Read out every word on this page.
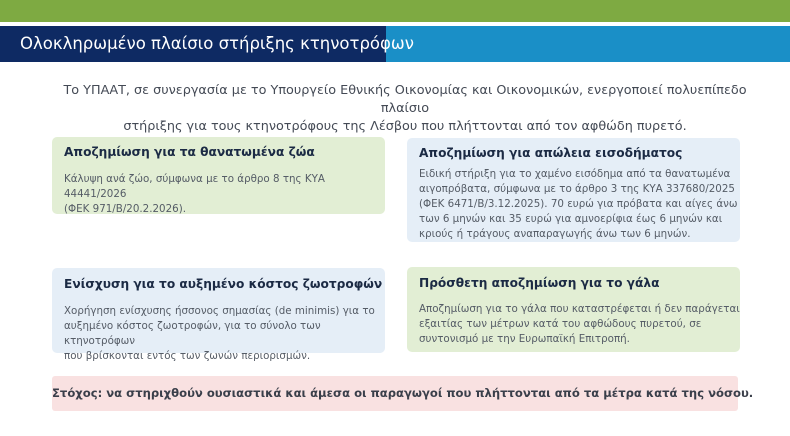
Ολοκληρωμένο πλαίσιο στήριξης κτηνοτρόφων
Το ΥΠΑΑΤ, σε συνεργασία με το Υπουργείο Εθνικής Οικονομίας και Οικονομικών, ενεργοποιεί πολυεπίπεδο πλαίσιο
στήριξης για τους κτηνοτρόφους της Λέσβου που πλήττονται από τον αφθώδη πυρετό.
Αποζημίωση για τα θανατωμένα ζώα
Κάλυψη ανά ζώο, σύμφωνα με το άρθρο 8 της ΚΥΑ 44441/2026
(ΦΕΚ 971/Β/20.2.2026).
Αποζημίωση για απώλεια εισοδήματος
Ειδική στήριξη για το χαμένο εισόδημα από τα θανατωμένα
αιγοπρόβατα, σύμφωνα με το άρθρο 3 της ΚΥΑ 337680/2025
(ΦΕΚ 6471/Β/3.12.2025). 70 ευρώ για πρόβατα και αίγες άνω
των 6 μηνών και 35 ευρώ για αμνοερίφια έως 6 μηνών και
κριούς ή τράγους αναπαραγωγής άνω των 6 μηνών.
Ενίσχυση για το αυξημένο κόστος ζωοτροφών
Χορήγηση ενίσχυσης ήσσονος σημασίας (de minimis) για το
αυξημένο κόστος ζωοτροφών, για το σύνολο των κτηνοτρόφων
που βρίσκονται εντός των ζωνών περιορισμών.
Πρόσθετη αποζημίωση για το γάλα
Αποζημίωση για το γάλα που καταστρέφεται ή δεν παράγεται
εξαιτίας των μέτρων κατά του αφθώδους πυρετού, σε
συντονισμό με την Ευρωπαϊκή Επιτροπή.
Στόχος: να στηριχθούν ουσιαστικά και άμεσα οι παραγωγοί που πλήττονται από τα μέτρα κατά της νόσου.
